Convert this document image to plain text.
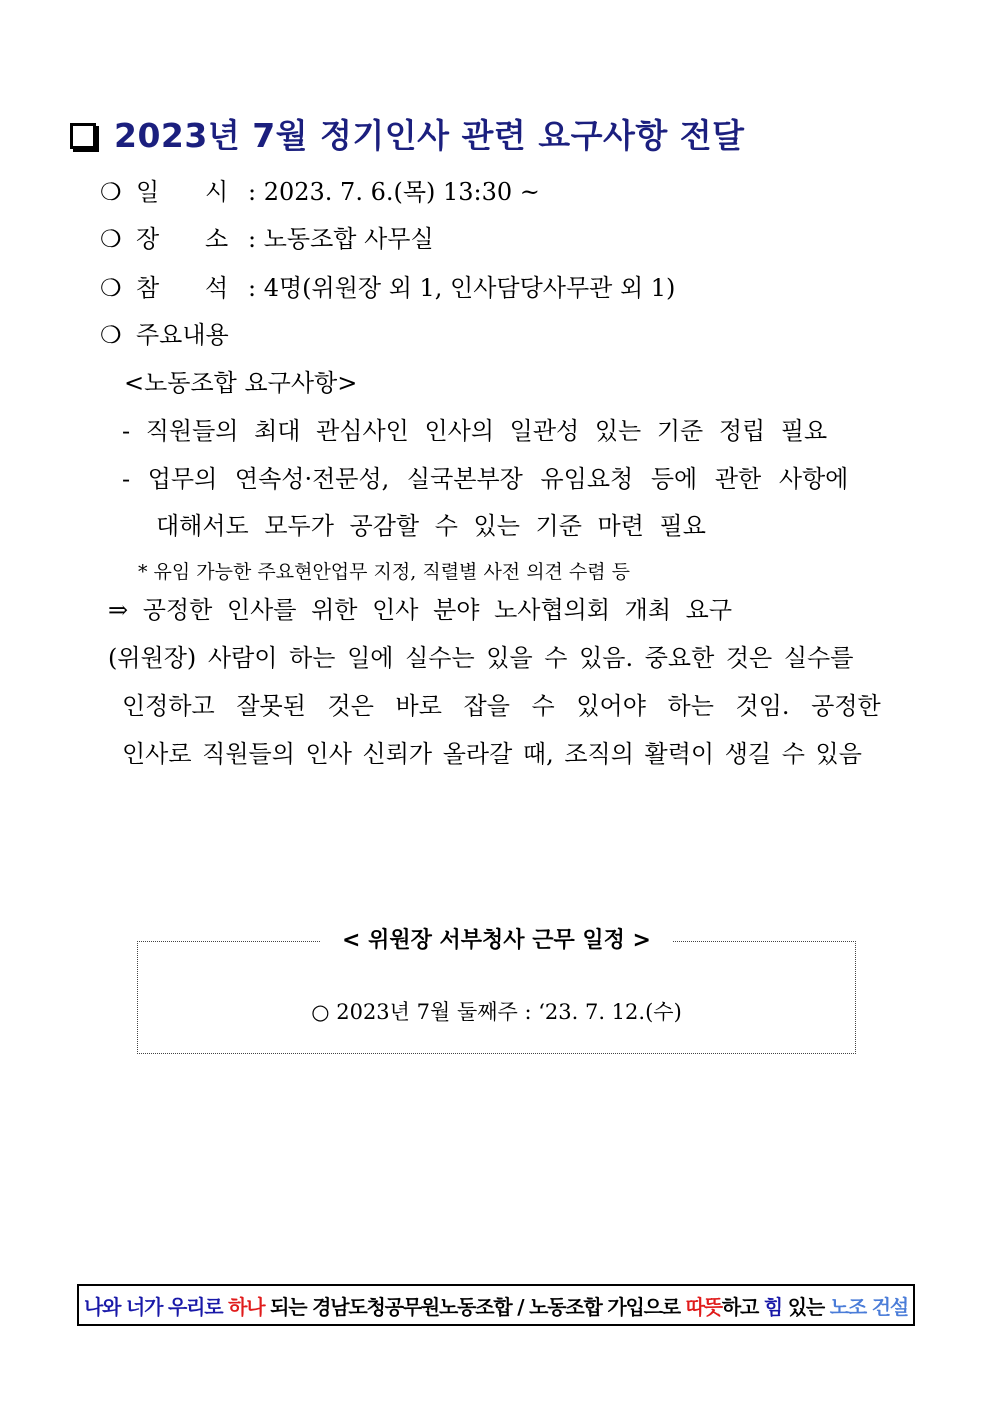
2023년 7월 정기인사 관련 요구사항 전달
❍ 일      시 : 2023. 7. 6.(목) 13:30 ~
❍ 장      소 : 노동조합 사무실
❍ 참      석 : 4명(위원장 외 1, 인사담당사무관 외 1)
❍ 주요내용
<노동조합 요구사항>
- 직원들의 최대 관심사인 인사의 일관성 있는 기준 정립 필요
- 업무의 연속성·전문성, 실국본부장 유임요청 등에 관한 사항에
대해서도 모두가 공감할 수 있는 기준 마련 필요
* 유임 가능한 주요현안업무 지정, 직렬별 사전 의견 수렴 등
⇒ 공정한 인사를 위한 인사 분야 노사협의회 개최 요구
(위원장) 사람이 하는 일에 실수는 있을 수 있음. 중요한 것은 실수를
인정하고 잘못된 것은 바로 잡을 수 있어야 하는 것임. 공정한
인사로 직원들의 인사 신뢰가 올라갈 때, 조직의 활력이 생길 수 있음
< 위원장 서부청사 근무 일정 >
○ 2023년 7월 둘째주 : ‘23. 7. 12.(수)
나와 너가 우리로 하나 되는 경남도청공무원노동조합 / 노동조합 가입으로 따뜻 하고 힘 있는 노조 건설
